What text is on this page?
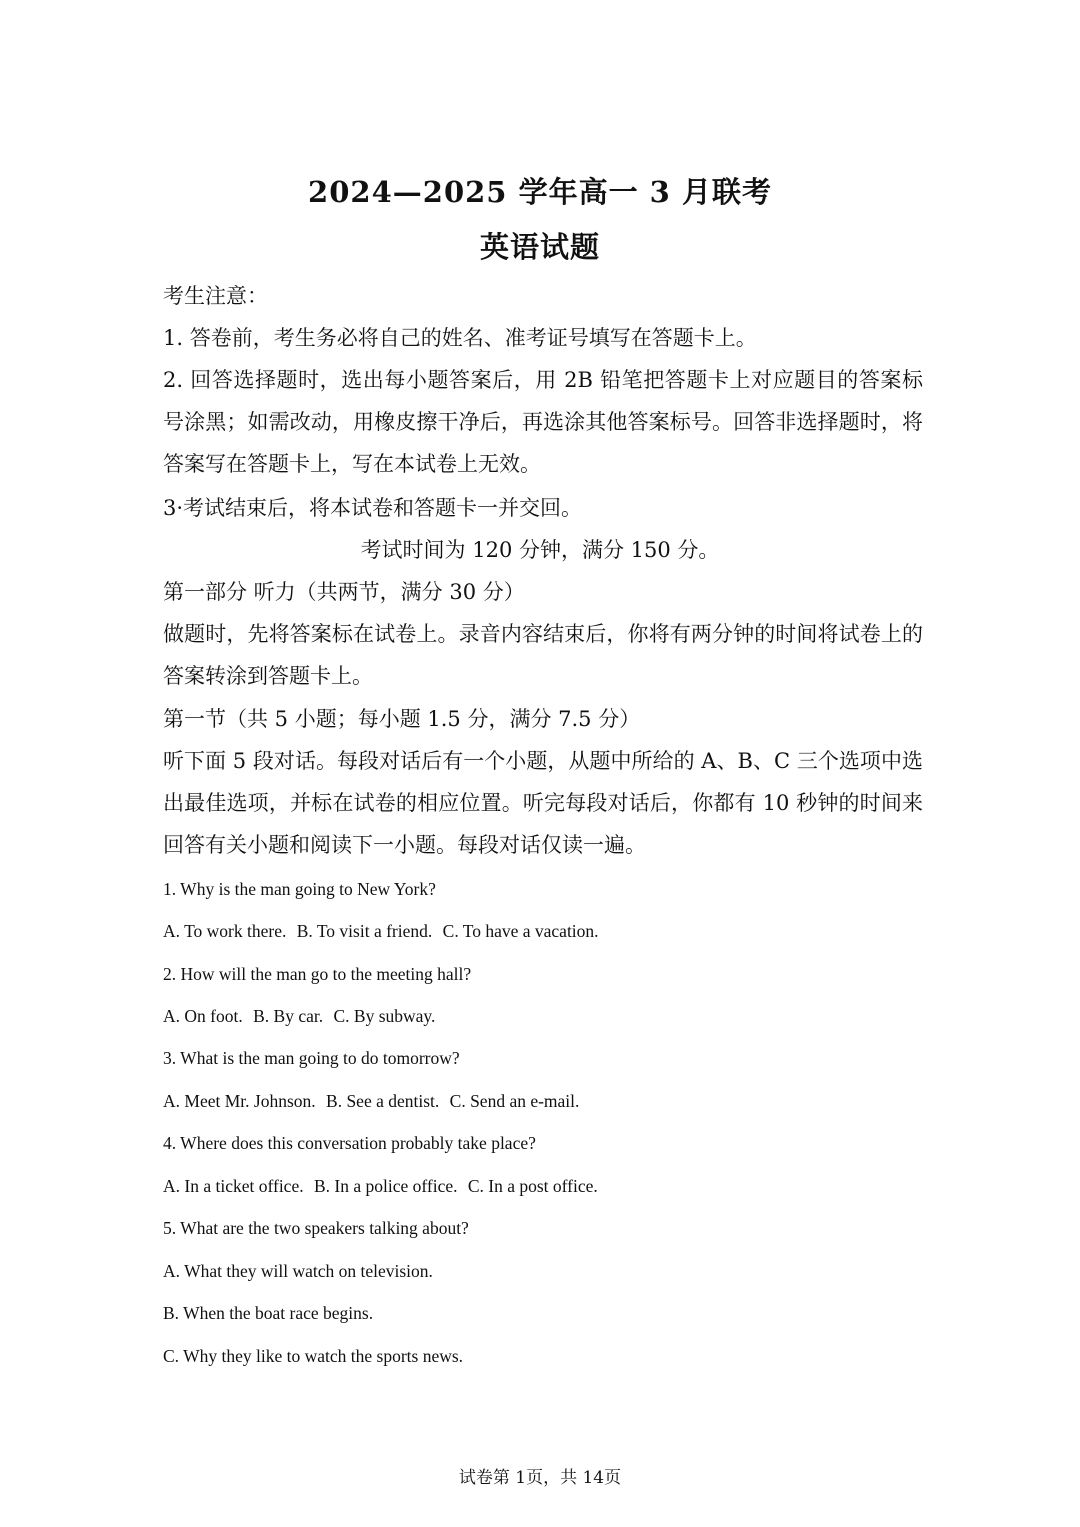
2024—2025 学年高一 3 月联考
英语试题
考生注意：
1. 答卷前，考生务必将自己的姓名、准考证号填写在答题卡上。
2. 回答选择题时，选出每小题答案后，用 2B 铅笔把答题卡上对应题目的答案标号涂黑；如需改动，用橡皮擦干净后，再选涂其他答案标号。回答非选择题时，将答案写在答题卡上，写在本试卷上无效。
3·考试结束后，将本试卷和答题卡一并交回。
考试时间为 120 分钟，满分 150 分。
第一部分 听力（共两节，满分 30 分）
做题时，先将答案标在试卷上。录音内容结束后，你将有两分钟的时间将试卷上的答案转涂到答题卡上。
第一节（共 5 小题；每小题 1.5 分，满分 7.5 分）
听下面 5 段对话。每段对话后有一个小题，从题中所给的 A、B、C 三个选项中选出最佳选项，并标在试卷的相应位置。听完每段对话后，你都有 10 秒钟的时间来回答有关小题和阅读下一小题。每段对话仅读一遍。
1. Why is the man going to New York?
A. To work there. B. To visit a friend. C. To have a vacation.
2. How will the man go to the meeting hall?
A. On foot. B. By car. C. By subway.
3. What is the man going to do tomorrow?
A. Meet Mr. Johnson. B. See a dentist. C. Send an e-mail.
4. Where does this conversation probably take place?
A. In a ticket office. B. In a police office. C. In a post office.
5. What are the two speakers talking about?
A. What they will watch on television.
B. When the boat race begins.
C. Why they like to watch the sports news.
试卷第 1页，共 14页
